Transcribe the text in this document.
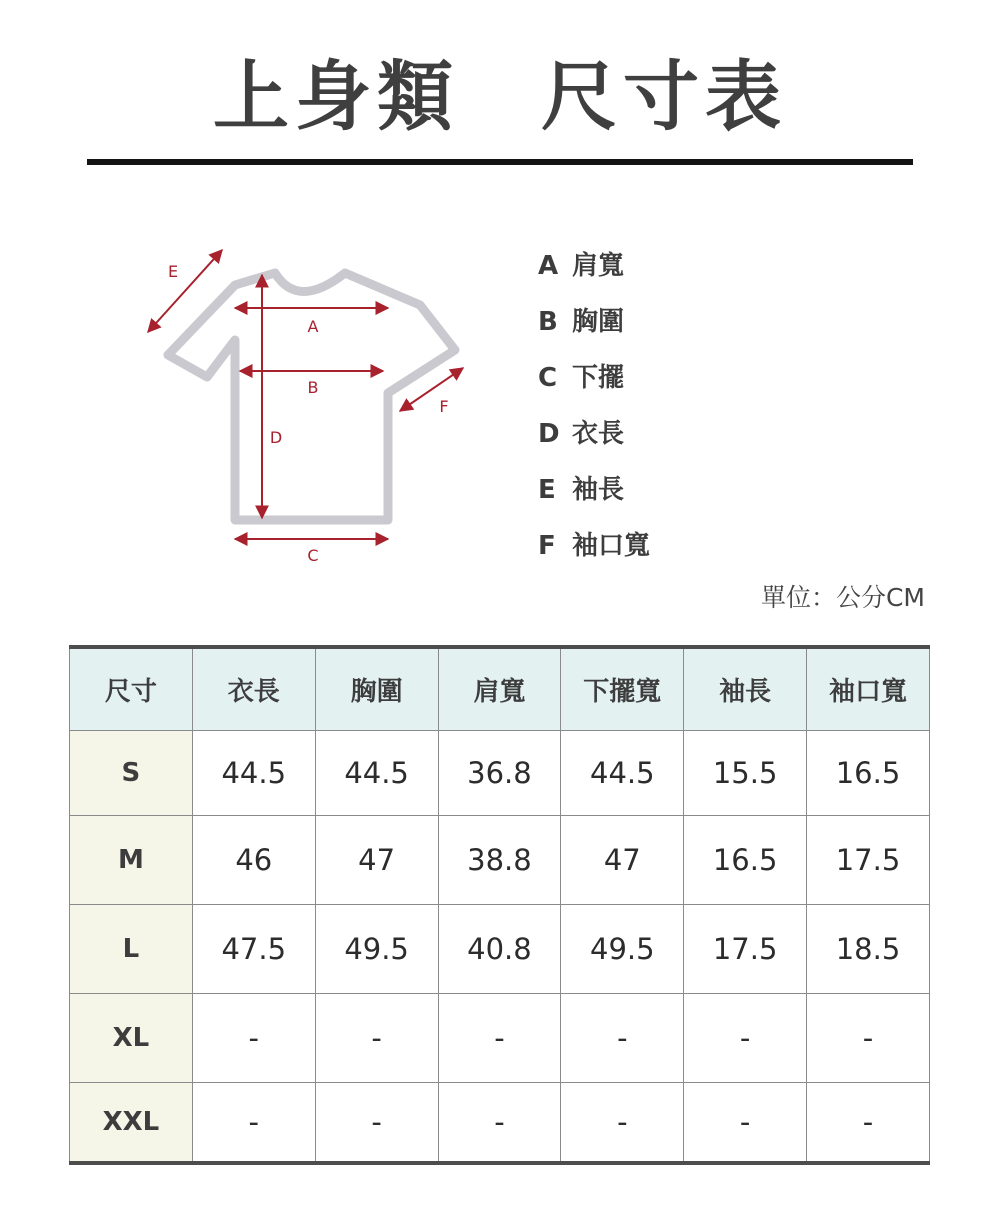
上身類　尺寸表
A
B
C
D
E
F
A 肩寬
B 胸圍
C 下擺
D 衣長
E 袖長
F 袖口寬
單位：公分CM
尺寸	衣長	胸圍	肩寬	下擺寬	袖長	袖口寬
S	44.5	44.5	36.8	44.5	15.5	16.5
M	46	47	38.8	47	16.5	17.5
L	47.5	49.5	40.8	49.5	17.5	18.5
XL	-	-	-	-	-	-
XXL	-	-	-	-	-	-
